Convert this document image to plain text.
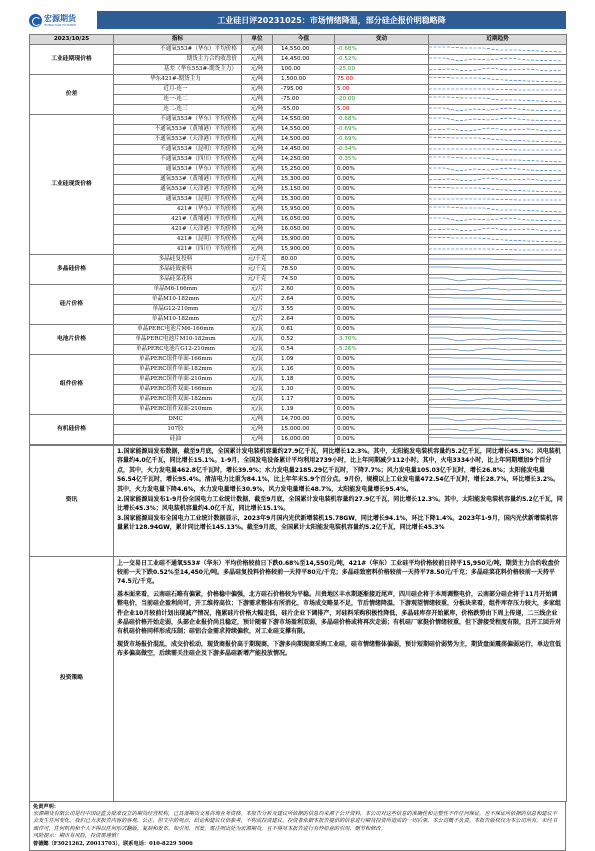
宏源期货
HONGYUAN FUTURES	工业硅日评20231025：市场情绪降温，部分硅企报价明稳略降
2023/10/25	指标	单位	今值	变动	近期趋势
工业硅期现价格	不通氧553#（华东）平均价格	元/吨	14,550.00	-0.68%	

	期货主力合约收盘价	元/吨	14,450.00	-0.52%	

	基差（华东553#-期货主力）	元/吨	100.00	-25.00	

价差	华东421#-期货主力	元/吨	1,500.00	75.00	

	近月-连一	元/吨	-795.00	5.00	

	连一-连二	元/吨	-75.00	-20.00	

	连二-连三	元/吨	-55.00	5.00	

工业硅现货价格	不通氧553#（华东）平均价格	元/吨	14,550.00	-0.68%	

	不通氧553#（黄埔港）平均价格	元/吨	14,550.00	-0.69%	

	不通氧553#（天津港）平均价格	元/吨	14,500.00	-0.69%	

	不通氧553#（昆明）平均价格	元/吨	14,450.00	-0.34%	

	不通氧553#（四川）平均价格	元/吨	14,250.00	-0.35%	

	通氧553#（华东）平均价格	元/吨	15,250.00	0.00%	

	通氧553#（黄埔港）平均价格	元/吨	15,300.00	0.00%	

	通氧553#（天津港）平均价格	元/吨	15,150.00	0.00%	

	通氧553#（昆明）平均价格	元/吨	15,300.00	0.00%	

	421#（华东）平均价格	元/吨	15,950.00	0.00%	

	421#（黄埔港）平均价格	元/吨	16,050.00	0.00%	

	421#（天津港）平均价格	元/吨	16,050.00	0.00%	

	421#（昆明）平均价格	元/吨	15,900.00	0.00%	

	421#（四川）平均价格	元/吨	15,900.00	0.00%	

多晶硅价格	多晶硅复投料	元/千克	80.00	0.00%	

	多晶硅致密料	元/千克	78.50	0.00%	

	多晶硅菜花料	元/千克	74.50	0.00%	

硅片价格	单晶M6-166mm	元/片	2.60	0.00%	

	单晶M10-182mm	元/片	2.64	0.00%	

	单晶G12-210mm	元/片	3.55	0.00%	

	单晶M10-182mm	元/片	2.64	0.00%	

电池片价格	单晶PERC电池片M6-166mm	元/瓦	0.61	0.00%	

	单晶PERC电池片M10-182mm	元/瓦	0.52	-3.70%	

	单晶PERC电池片G12-210mm	元/瓦	0.54	-5.26%	

组件价格	单晶PERC组件单面-166mm	元/瓦	1.09	0.00%	

	单晶PERC组件单面-182mm	元/瓦	1.16	0.00%	

	单晶PERC组件单面-210mm	元/瓦	1.18	0.00%	

	单晶PERC组件双面-166mm	元/瓦	1.10	0.00%	

	单晶PERC组件双面-182mm	元/瓦	1.17	0.00%	

	单晶PERC组件双面-210mm	元/瓦	1.19	0.00%	

有机硅价格	DMC	元/吨	14,700.00	0.00%	

	107胶	元/吨	15,000.00	0.00%	

	硅油	元/吨	16,000.00	0.00%	
资讯	1.国家能源局发布数据，截至9月底，全国累计发电装机容量约27.9亿千瓦，同比增长12.3%。其中，太阳能发电装机容量约5.2亿千瓦，同比增长45.3%；风电装机容量约4.0亿千瓦，同比增长15.1%。1-9月，全国发电设备累计平均利用2739小时，比上年同期减少112小时。其中，火电3334小时，比上年同期增加9个百分点，其中，火力发电量462.8亿千瓦时，增长39.9%；水力发电量2185.29亿千瓦时，下降7.7%；风力发电量105.03亿千瓦时，增长26.8%；太阳能发电量56.54亿千瓦时，增长95.4%。清洁电力比重为84.1%，比上年年末5.9个百分点。9月份，规模以上工业发电量472.54亿千瓦时，增长28.7%，环比增长3.2%。其中，火力发电量下降4.6%，水力发电量增长30.9%，风力发电量增长48.7%，太阳能发电量增长95.4%。

2.国家能源局发布1-9月份全国电力工业统计数据，截至9月底，全国累计发电装机容量约27.9亿千瓦，同比增长12.3%。其中，太阳能发电装机容量约5.2亿千瓦，同比增长45.3%；风电装机容量约4.0亿千瓦，同比增长15.1%。

3.国家能源局发布全国电力工业统计数据显示，2023年9月国内光伏新增装机15.78GW，同比增长94.1%，环比下降1.4%。2023年1-9月，国内光伏新增装机容量累计128.94GW，累计同比增长145.13%。截至9月底，全国累计太阳能发电装机容量约5.2亿千瓦，同比增长45.3%

投资策略	上一交易日工业硅不通氧553#（华东）平均价格较前日下跌0.68%至14,550元/吨，421#（华东）工业硅平均价格较前日持平15,950元/吨，期货主力合约收盘价较前一天下跌0.52%至14,450元/吨。多晶硅复投料价格较前一天持平80元/千克；多晶硅致密料价格较前一天持平78.50元/千克；多晶硅菜花料价格较前一天持平74.5元/千克。

基本面来看，云南硅石略有偏紧，价格稳中偏强，北方硅石价格较为平稳。川贵地区丰水期逐渐接近尾声，四川硅企将于本周调整电价，云南部分硅企将于11月开始调整电价，当前硅企盈利尚可，开工维持高位；下游需求整体有所消化，市场成交略显不足，节后情绪降温，下游观望情绪较重，分板块来看，组件库存压力较大，多家组件企业10月较前计划出现减产情况，拖累硅片价格大幅走低，硅片企业下调排产，对硅料采购积极性降低，多晶硅库存开始累库，价格跌势由下周上传递，二三线企业多晶硅价格开始走弱，头部企业报价尚且稳定，预计随着下游市场盈利双弱，多晶硅价格或将再次走弱；有机硅厂家挺价情绪较重，但下游接受程度有限，且开工回升对有机硅价格同样形成压制；硅铝合金需求持续偏软，对工业硅支撑有限。

现货市场报价混乱，成交价松动，现货商报价高于期现商，下游多向期现商采购工业硅，硅市情绪整体偏弱，预计短期硅价弱势为主，期货盘面震荡偏弱运行，单边宜低布多偏高做空，后续需关注硅企及下游多晶硅新增产能投放情况。

免责声明：
宏源期货有限公司是经中国证监会批准设立的期货经营机构，已具备期货交易咨询业务资格。本报告分析及建议所依据的信息均来源于公开资料，本公司对这些信息的准确性和完整性不作任何保证，也不保证所依据的信息和建议不会发生任何变化。我们已力求报告内容的客观、公正，但文中的观点、结论和建议仅供参考，不构成投资建议。投资者依据本报告提供的信息进行期货投资所造成的一切后果，本公司概不负责。本报告版权仅为本公司所有，未经书面许可，任何机构和个人不得以任何形式翻版、复制和发布。如引用、刊发，需注明出处为宏源期货，且不得对本报告进行有悖原意的引用、删节和修改。
风险提示：期市有风险，投资需谨慎！
曾德懿（F3021262, Z0013703），联系电话：010-8229 5006
